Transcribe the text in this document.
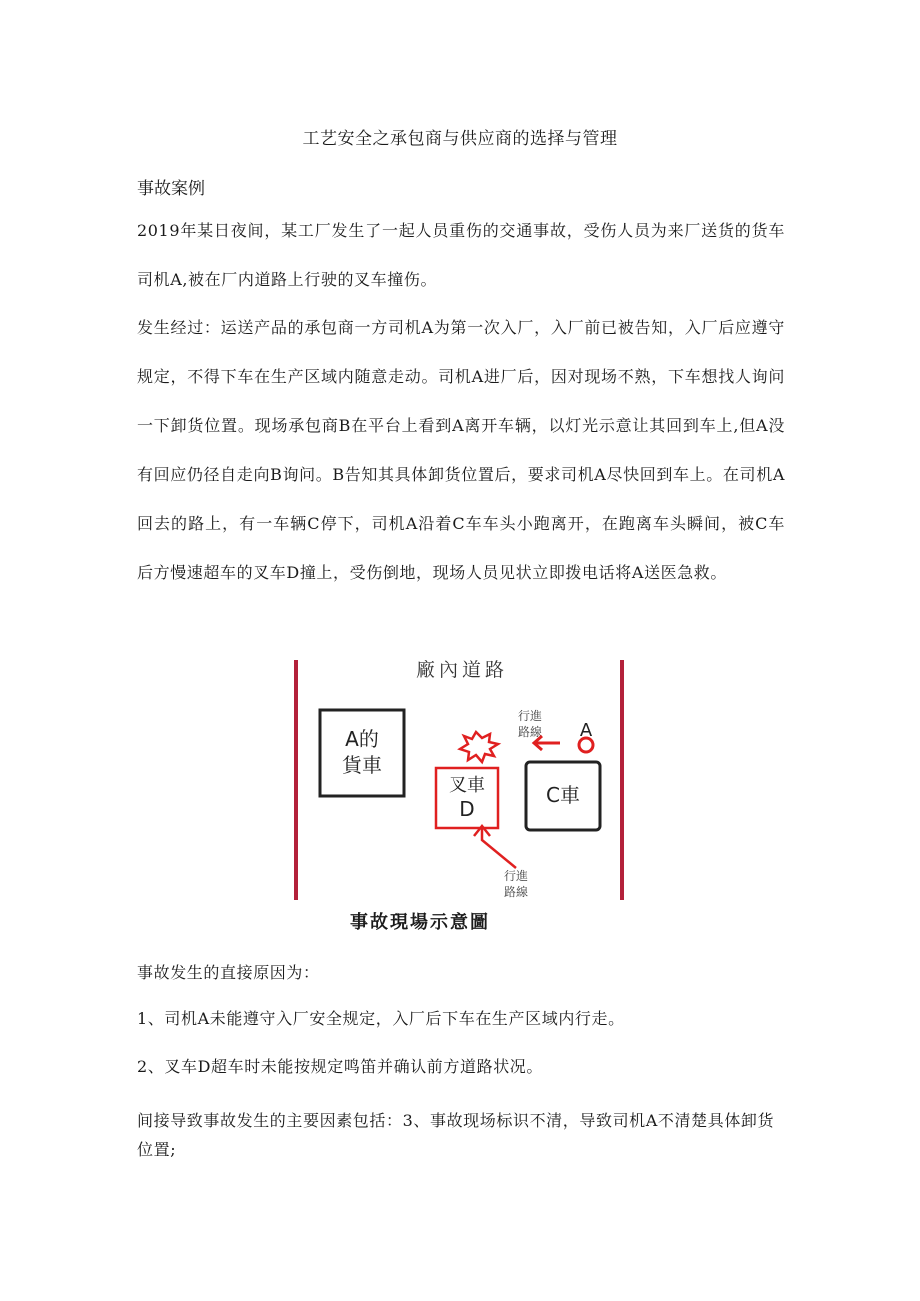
工艺安全之承包商与供应商的选择与管理
事故案例
2019年某日夜间，某工厂发生了一起人员重伤的交通事故，受伤人员为来厂送货的货车司机A,被在厂内道路上行驶的叉车撞伤。
发生经过：运送产品的承包商一方司机A为第一次入厂，入厂前已被告知，入厂后应遵守规定，不得下车在生产区域内随意走动。司机A进厂后，因对现场不熟，下车想找人询问一下卸货位置。现场承包商B在平台上看到A离开车辆，以灯光示意让其回到车上,但A没有回应仍径自走向B询问。B告知其具体卸货位置后，要求司机A尽快回到车上。在司机A回去的路上，有一车辆C停下，司机A沿着C车车头小跑离开，在跑离车头瞬间，被C车后方慢速超车的叉车D撞上，受伤倒地，现场人员见状立即拨电话将A送医急救。
廠內道路
A的
貨車
行進
路線 A
叉車
D
C車
行進
路線
事故現場示意圖
事故发生的直接原因为：
1、司机A未能遵守入厂安全规定，入厂后下车在生产区域内行走。
2、叉车D超车时未能按规定鸣笛并确认前方道路状况。
间接导致事故发生的主要因素包括：3、事故现场标识不清，导致司机A不清楚具体卸货位置;
